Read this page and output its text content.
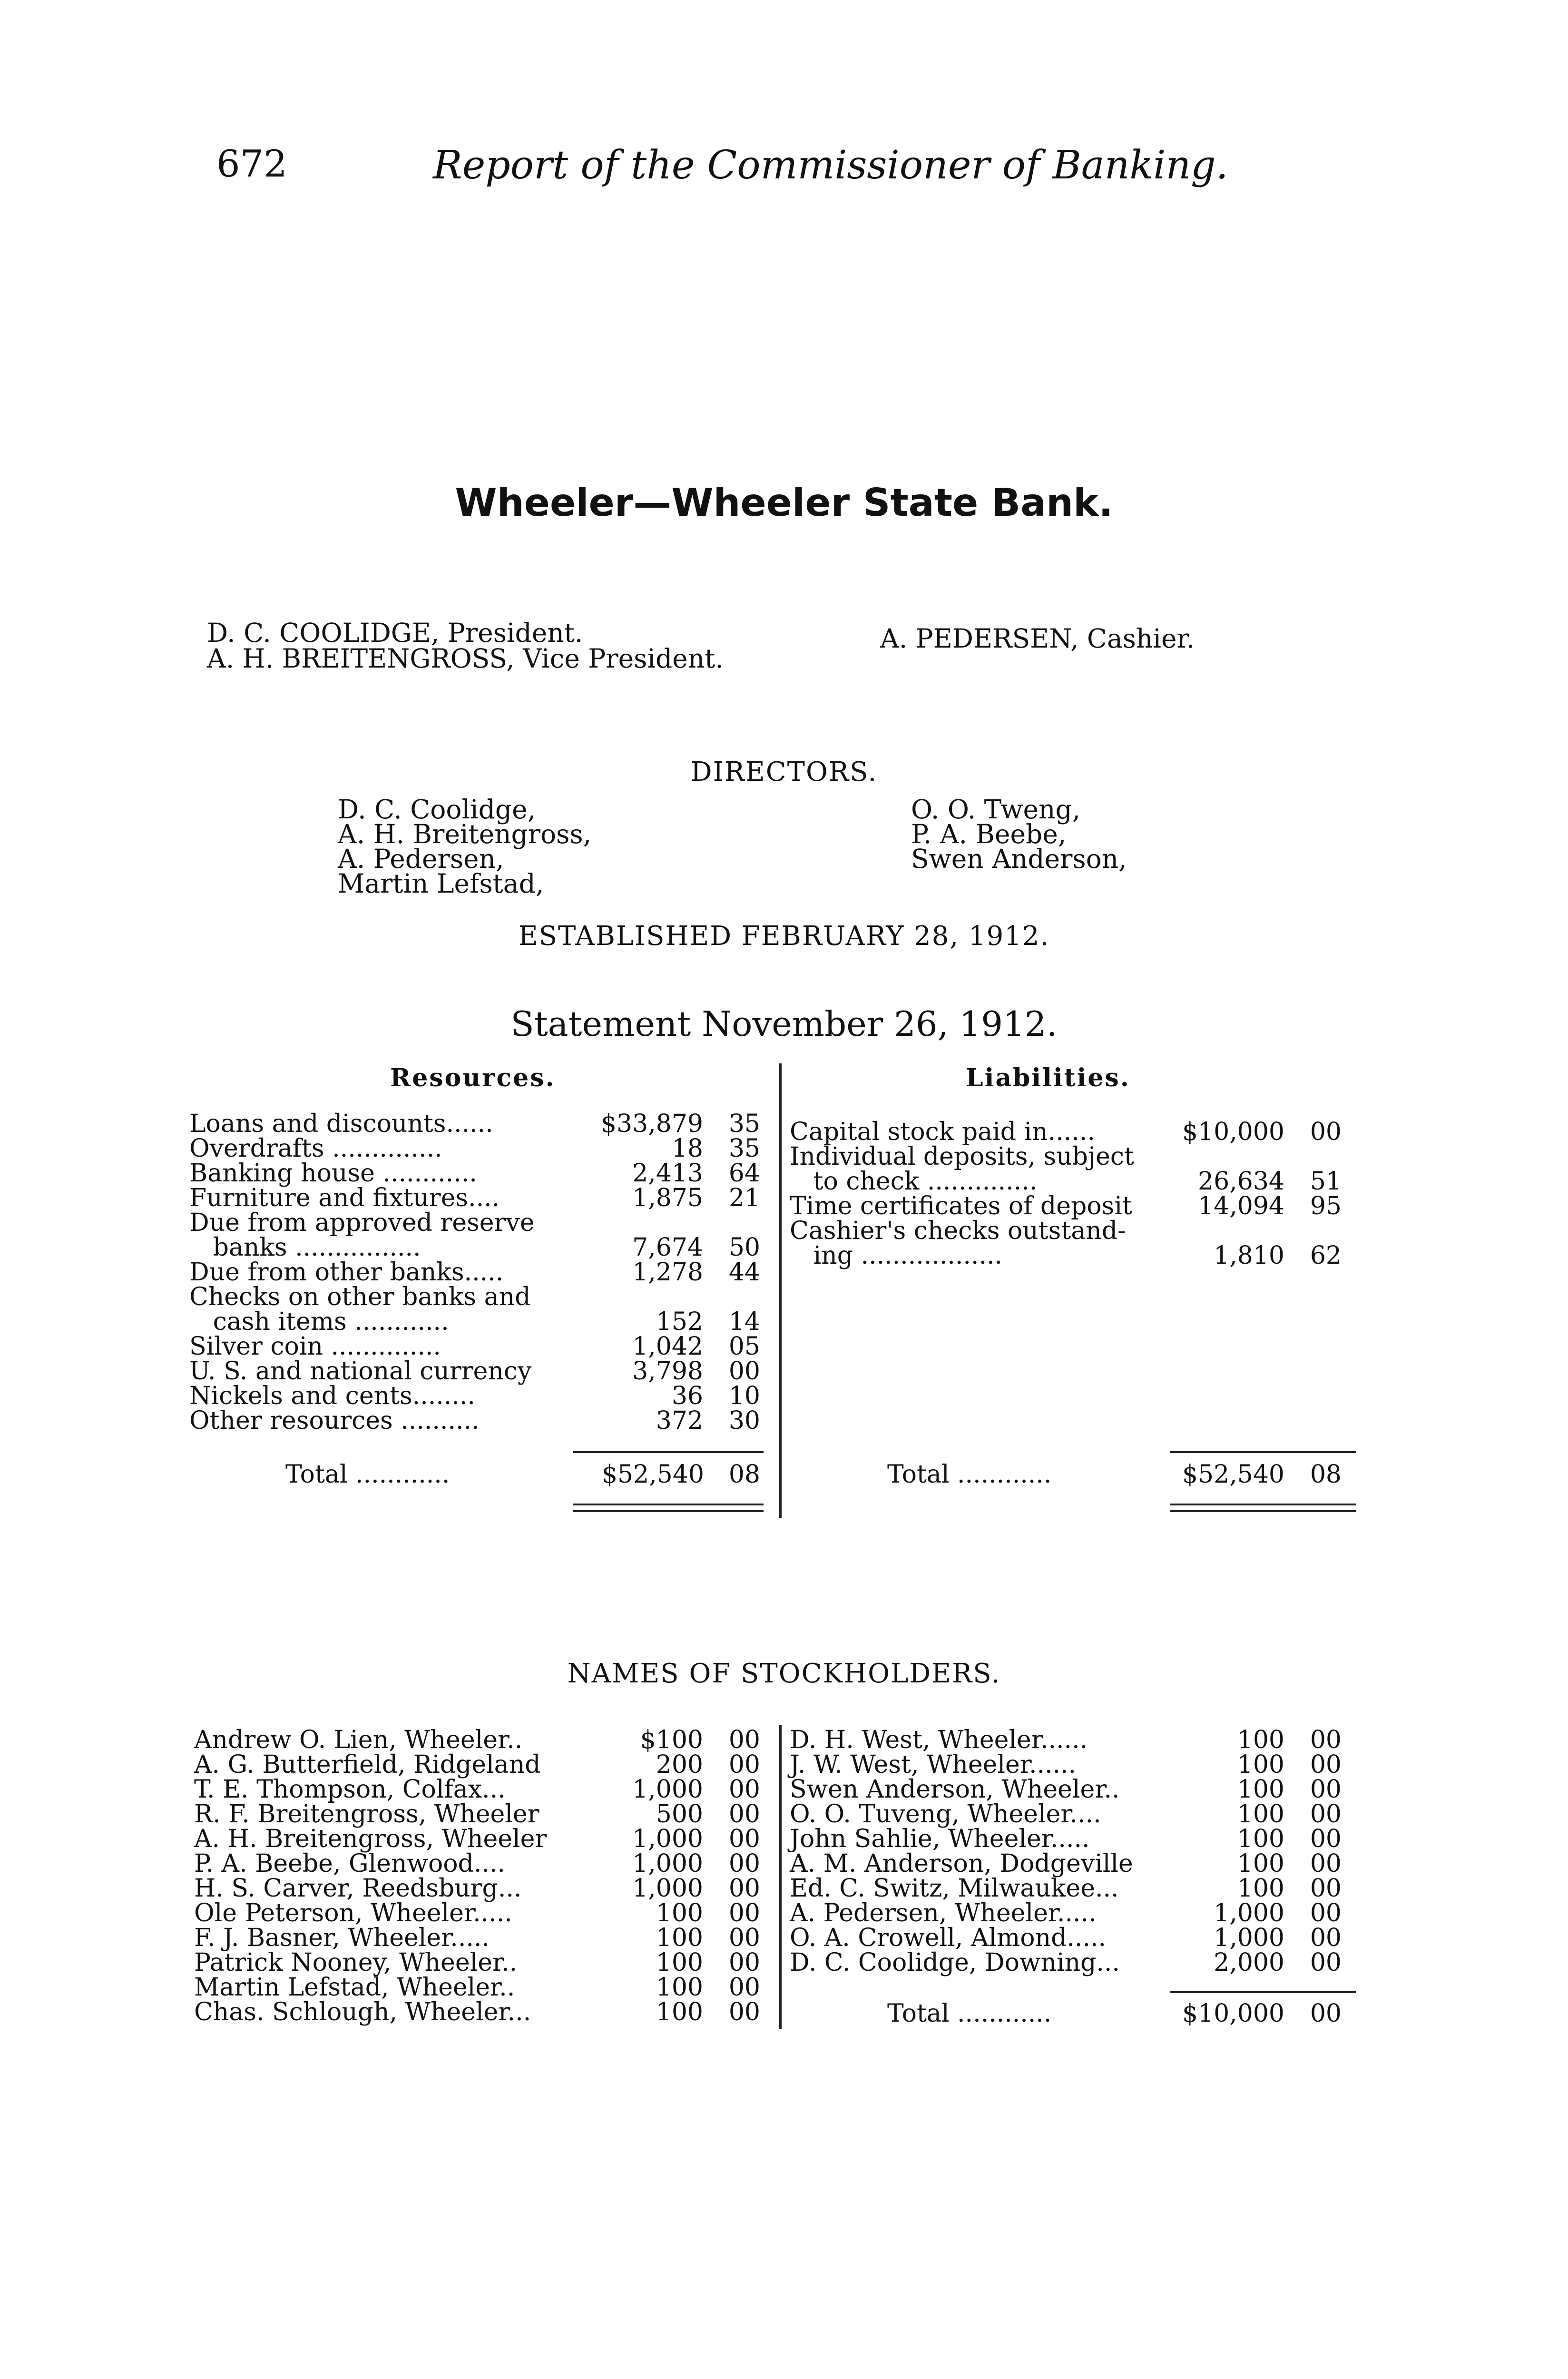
672	Report of the Commissioner of Banking.
Wheeler—Wheeler State Bank.
D. C. COOLIDGE, President.
A. H. BREITENGROSS, Vice President.
A. PEDERSEN, Cashier.
DIRECTORS.
D. C. Coolidge,
A. H. Breitengross,
A. Pedersen,
Martin Lefstad,
O. O. Tweng,
P. A. Beebe,
Swen Anderson,
ESTABLISHED FEBRUARY 28, 1912.
Statement November 26, 1912.
Resources.	Liabilities.
Loans and discounts......	$33,879 35
Overdrafts ..............	18 35
Banking house ............	2,413 64
Furniture and fixtures....	1,875 21
Due from approved reserve
banks ................	7,674 50
Due from other banks.....	1,278 44
Checks on other banks and
cash items ............	152 14
Silver coin ..............	1,042 05
U. S. and national currency	3,798 00
Nickels and cents........	36 10
Other resources ..........	372 30
Total ............	$52,540 08
Capital stock paid in......	$10,000 00
Individual deposits, subject
to check ..............	26,634 51
Time certificates of deposit	14,094 95
Cashier's checks outstand-
ing ..................	1,810 62
Total ............	$52,540 08
NAMES OF STOCKHOLDERS.
Andrew O. Lien, Wheeler..	$100 00
A. G. Butterfield, Ridgeland	200 00
T. E. Thompson, Colfax...	1,000 00
R. F. Breitengross, Wheeler	500 00
A. H. Breitengross, Wheeler	1,000 00
P. A. Beebe, Glenwood....	1,000 00
H. S. Carver, Reedsburg...	1,000 00
Ole Peterson, Wheeler.....	100 00
F. J. Basner, Wheeler.....	100 00
Patrick Nooney, Wheeler..	100 00
Martin Lefstad, Wheeler..	100 00
Chas. Schlough, Wheeler...	100 00
D. H. West, Wheeler......	100 00
J. W. West, Wheeler......	100 00
Swen Anderson, Wheeler..	100 00
O. O. Tuveng, Wheeler....	100 00
John Sahlie, Wheeler.....	100 00
A. M. Anderson, Dodgeville	100 00
Ed. C. Switz, Milwaukee...	100 00
A. Pedersen, Wheeler.....	1,000 00
O. A. Crowell, Almond.....	1,000 00
D. C. Coolidge, Downing...	2,000 00
Total ............	$10,000 00
